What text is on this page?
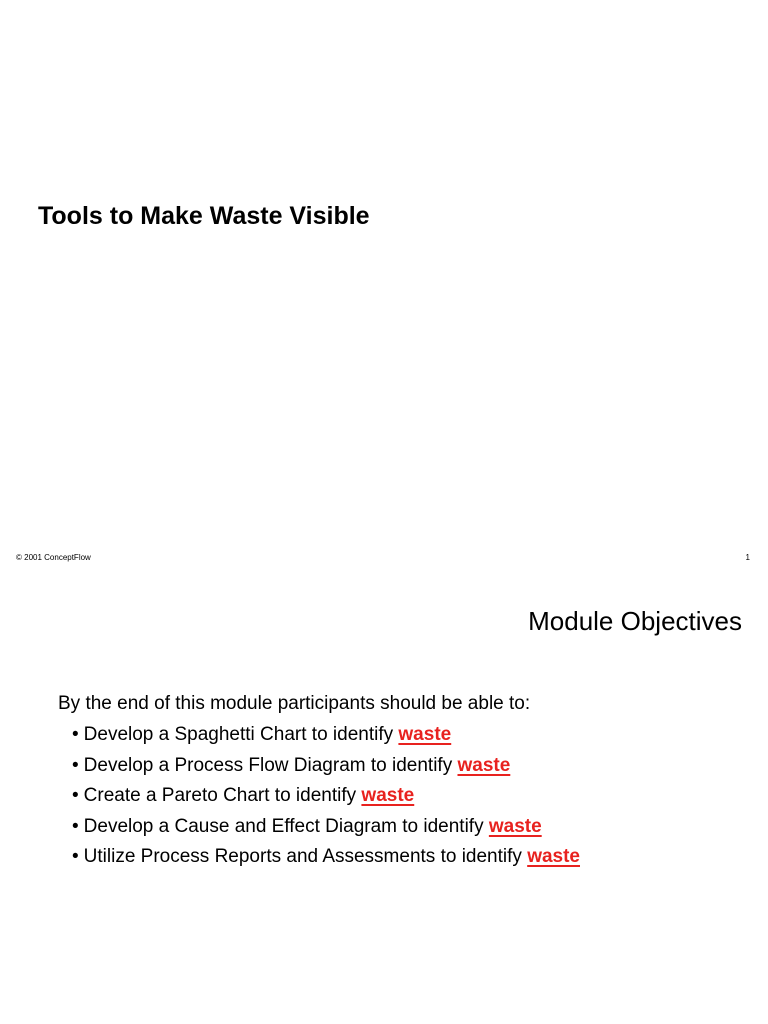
Tools to Make Waste Visible
© 2001 ConceptFlow	1
Module Objectives
By the end of this module participants should be able to:
• Develop a Spaghetti Chart to identify waste
• Develop a Process Flow Diagram to identify waste
• Create a Pareto Chart to identify waste
• Develop a Cause and Effect Diagram to identify waste
• Utilize Process Reports and Assessments to identify waste
